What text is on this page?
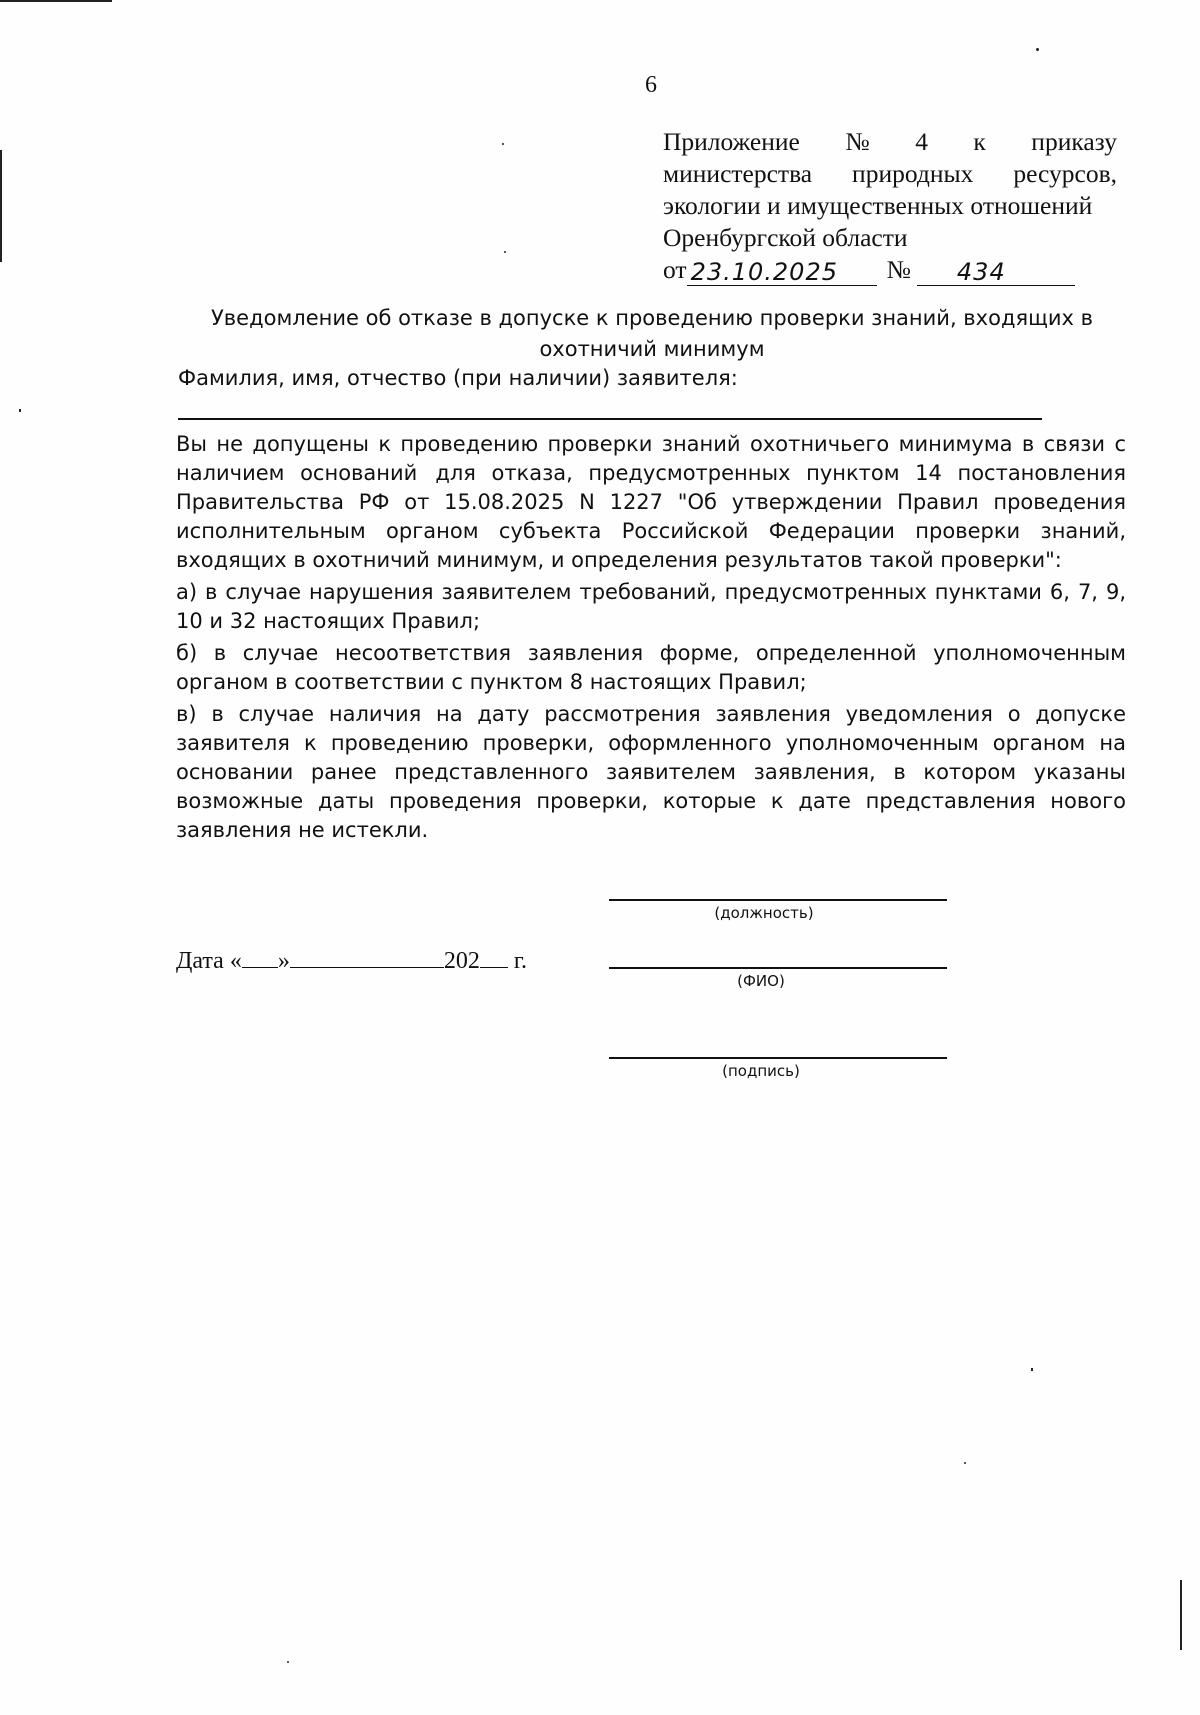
6
Приложение № 4 к приказу
министерства природных ресурсов,
экологии и имущественных отношений
Оренбургской области
от 23.10.2025	№	434
Уведомление об отказе в допуске к проведению проверки знаний, входящих в охотничий минимум
Фамилия, имя, отчество (при наличии) заявителя:

Вы не допущены к проведению проверки знаний охотничьего минимума в связи с наличием оснований для отказа, предусмотренных пунктом 14 постановления Правительства РФ от 15.08.2025 N 1227 "Об утверждении Правил проведения исполнительным органом субъекта Российской Федерации проверки знаний, входящих в охотничий минимум, и определения результатов такой проверки":

а) в случае нарушения заявителем требований, предусмотренных пунктами 6, 7, 9, 10 и 32 настоящих Правил;

б) в случае несоответствия заявления форме, определенной уполномоченным органом в соответствии с пунктом 8 настоящих Правил;

в) в случае наличия на дату рассмотрения заявления уведомления о допуске заявителя к проведению проверки, оформленного уполномоченным органом на основании ранее представленного заявителем заявления, в котором указаны возможные даты проведения проверки, которые к дате представления нового заявления не истекли.

(должность)
(ФИО)
(подпись)
Дата « »	202 г.
